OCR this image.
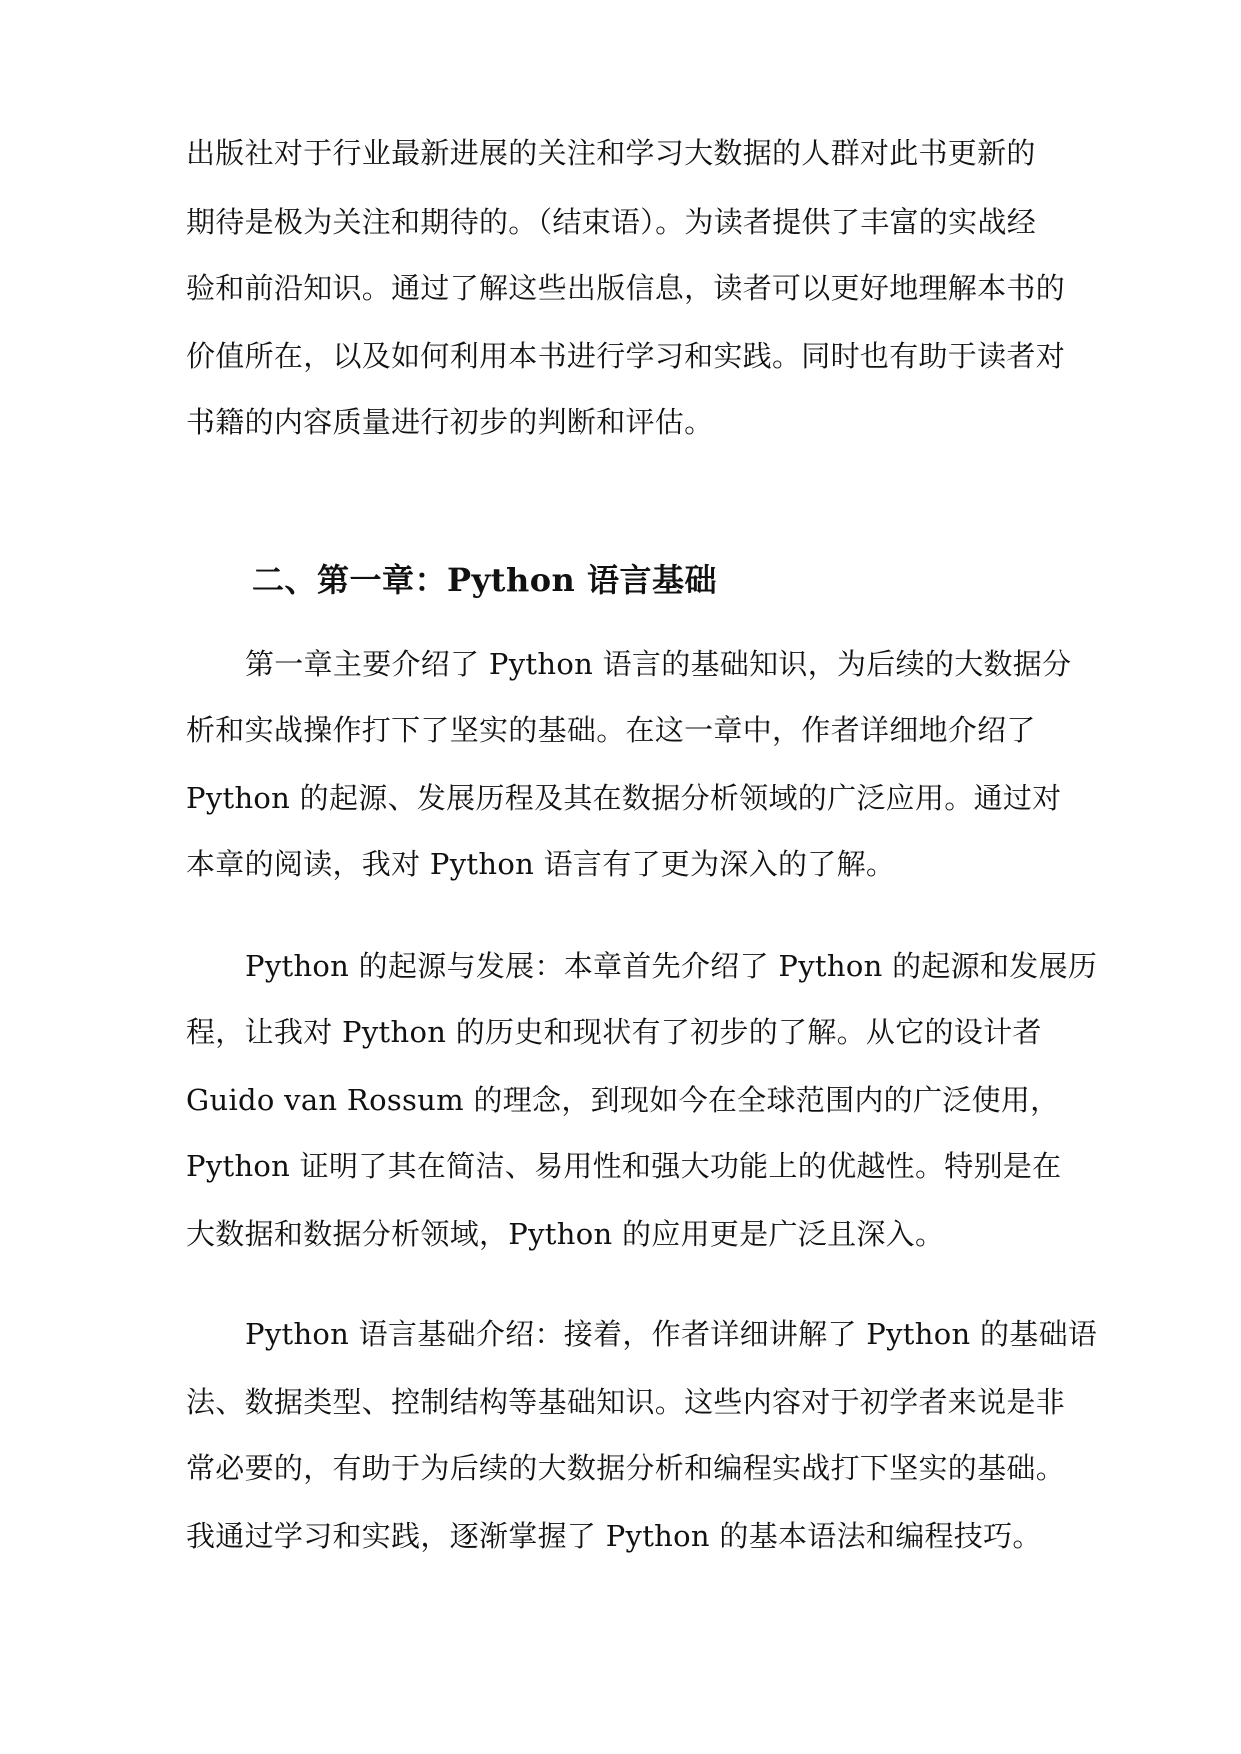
出版社对于行业最新进展的关注和学习大数据的人群对此书更新的
期待是极为关注和期待的。（结束语）。为读者提供了丰富的实战经
验和前沿知识。通过了解这些出版信息，读者可以更好地理解本书的
价值所在，以及如何利用本书进行学习和实践。同时也有助于读者对
书籍的内容质量进行初步的判断和评估。
二、第一章：Python 语言基础
第一章主要介绍了 Python 语言的基础知识，为后续的大数据分
析和实战操作打下了坚实的基础。在这一章中，作者详细地介绍了
Python 的起源、发展历程及其在数据分析领域的广泛应用。通过对
本章的阅读，我对 Python 语言有了更为深入的了解。
Python 的起源与发展：本章首先介绍了 Python 的起源和发展历
程，让我对 Python 的历史和现状有了初步的了解。从它的设计者
Guido van Rossum 的理念，到现如今在全球范围内的广泛使用，
Python 证明了其在简洁、易用性和强大功能上的优越性。特别是在
大数据和数据分析领域，Python 的应用更是广泛且深入。
Python 语言基础介绍：接着，作者详细讲解了 Python 的基础语
法、数据类型、控制结构等基础知识。这些内容对于初学者来说是非
常必要的，有助于为后续的大数据分析和编程实战打下坚实的基础。
我通过学习和实践，逐渐掌握了 Python 的基本语法和编程技巧。
